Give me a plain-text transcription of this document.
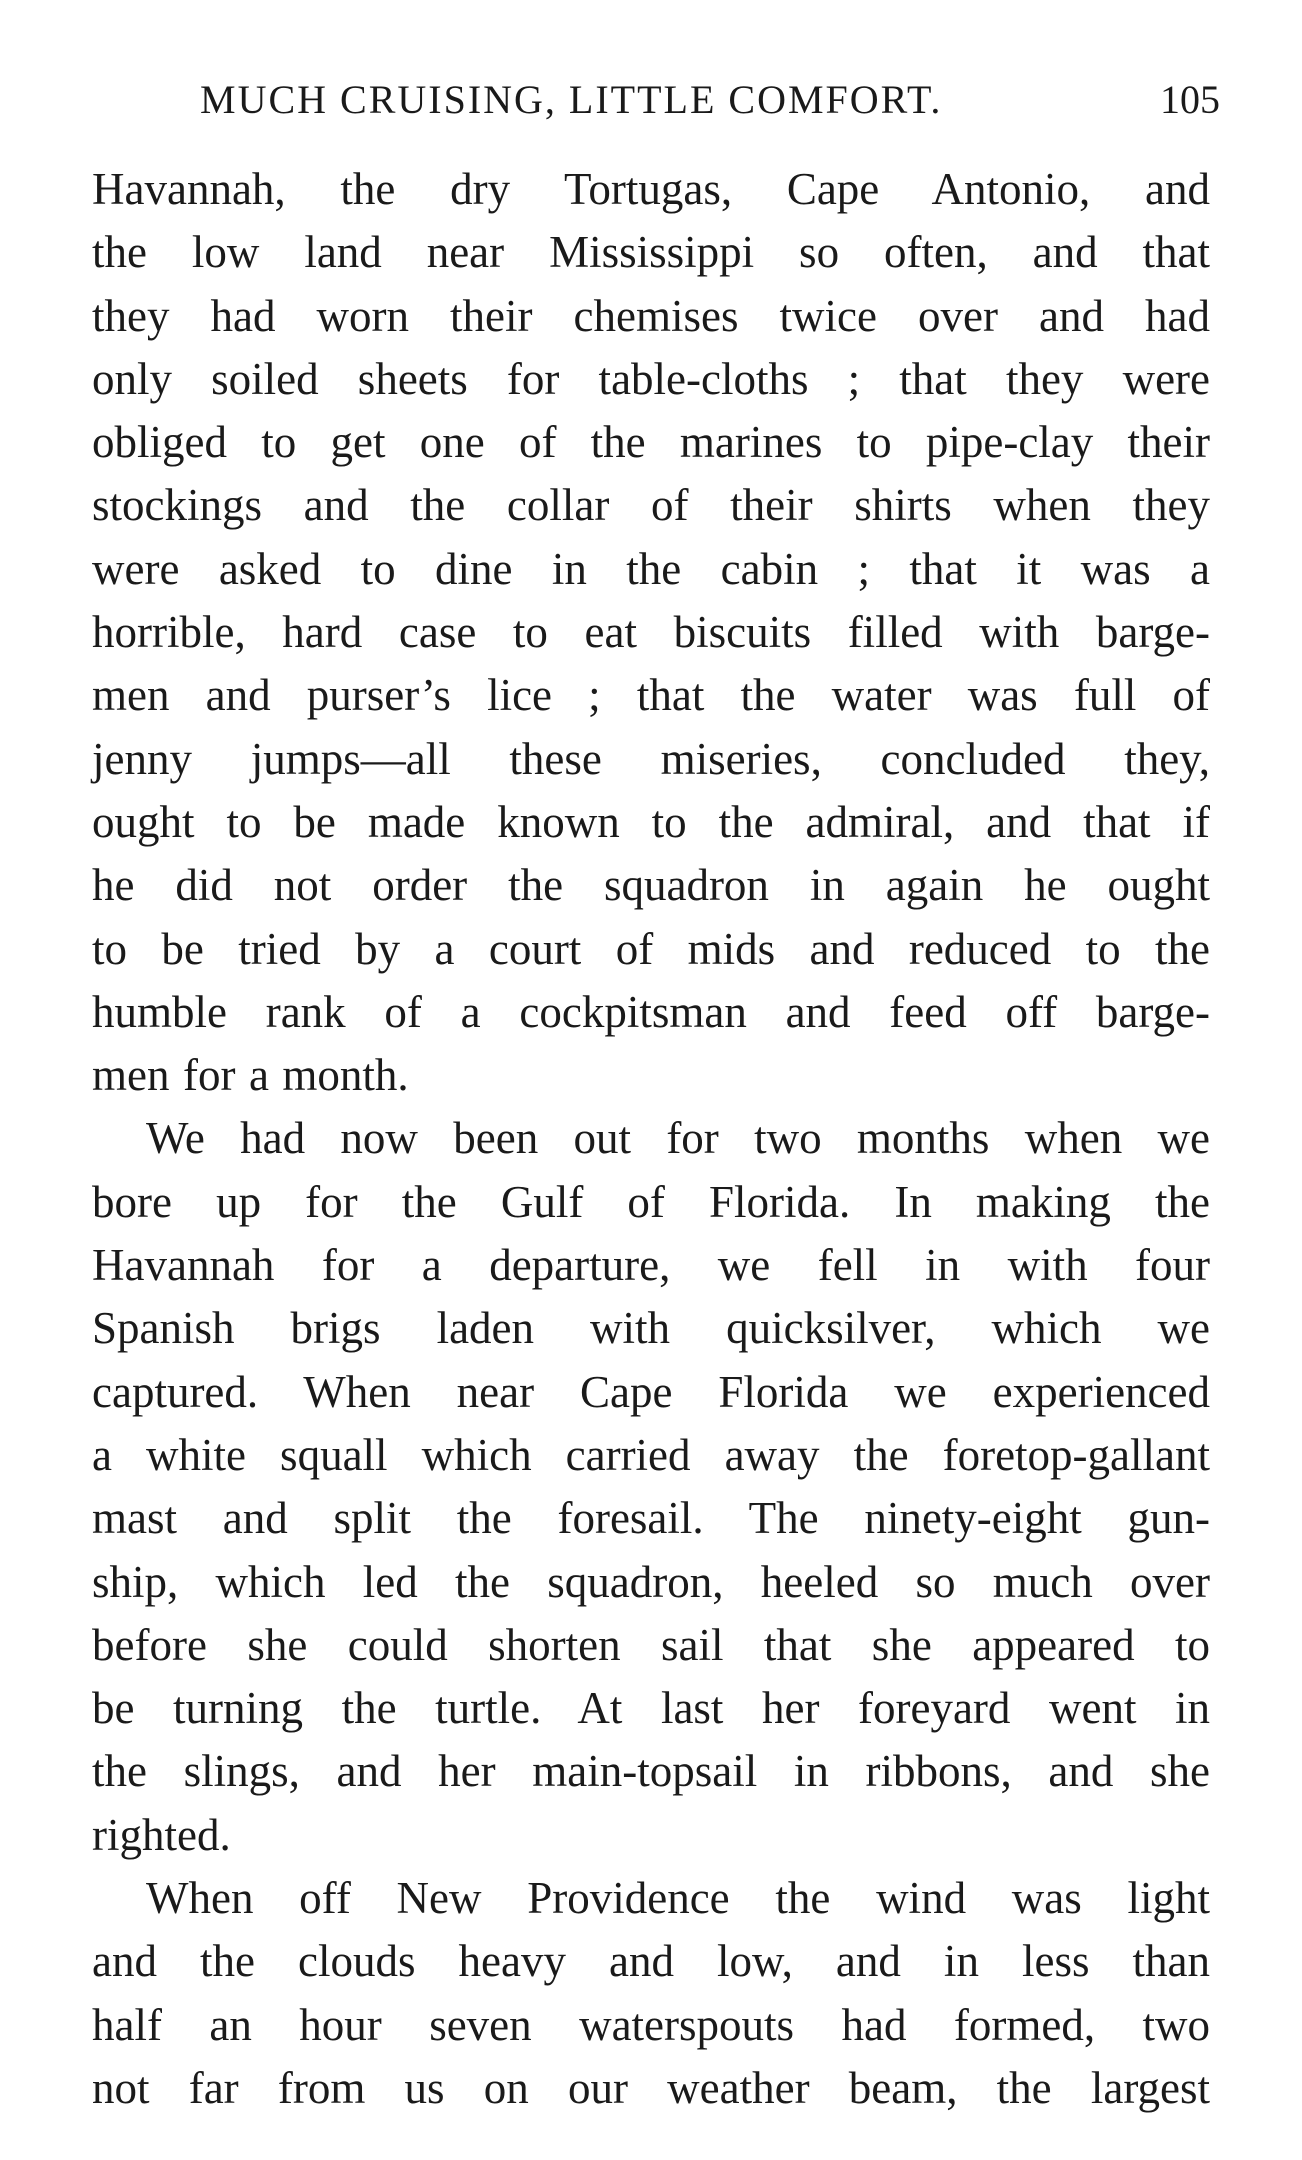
MUCH CRUISING, LITTLE COMFORT.	105
Havannah, the dry Tortugas, Cape Antonio, and
the low land near Mississippi so often, and that
they had worn their chemises twice over and had
only soiled sheets for table-cloths ; that they were
obliged to get one of the marines to pipe-clay their
stockings and the collar of their shirts when they
were asked to dine in the cabin ; that it was a
horrible, hard case to eat biscuits filled with barge-
men and purser’s lice ; that the water was full of
jenny jumps—all these miseries, concluded they,
ought to be made known to the admiral, and that if
he did not order the squadron in again he ought
to be tried by a court of mids and reduced to the
humble rank of a cockpitsman and feed off barge-
men for a month.
We had now been out for two months when we
bore up for the Gulf of Florida. In making the
Havannah for a departure, we fell in with four
Spanish brigs laden with quicksilver, which we
captured. When near Cape Florida we experienced
a white squall which carried away the foretop-gallant
mast and split the foresail. The ninety-eight gun-
ship, which led the squadron, heeled so much over
before she could shorten sail that she appeared to
be turning the turtle. At last her foreyard went in
the slings, and her main-topsail in ribbons, and she
righted.
When off New Providence the wind was light
and the clouds heavy and low, and in less than
half an hour seven waterspouts had formed, two
not far from us on our weather beam, the largest
